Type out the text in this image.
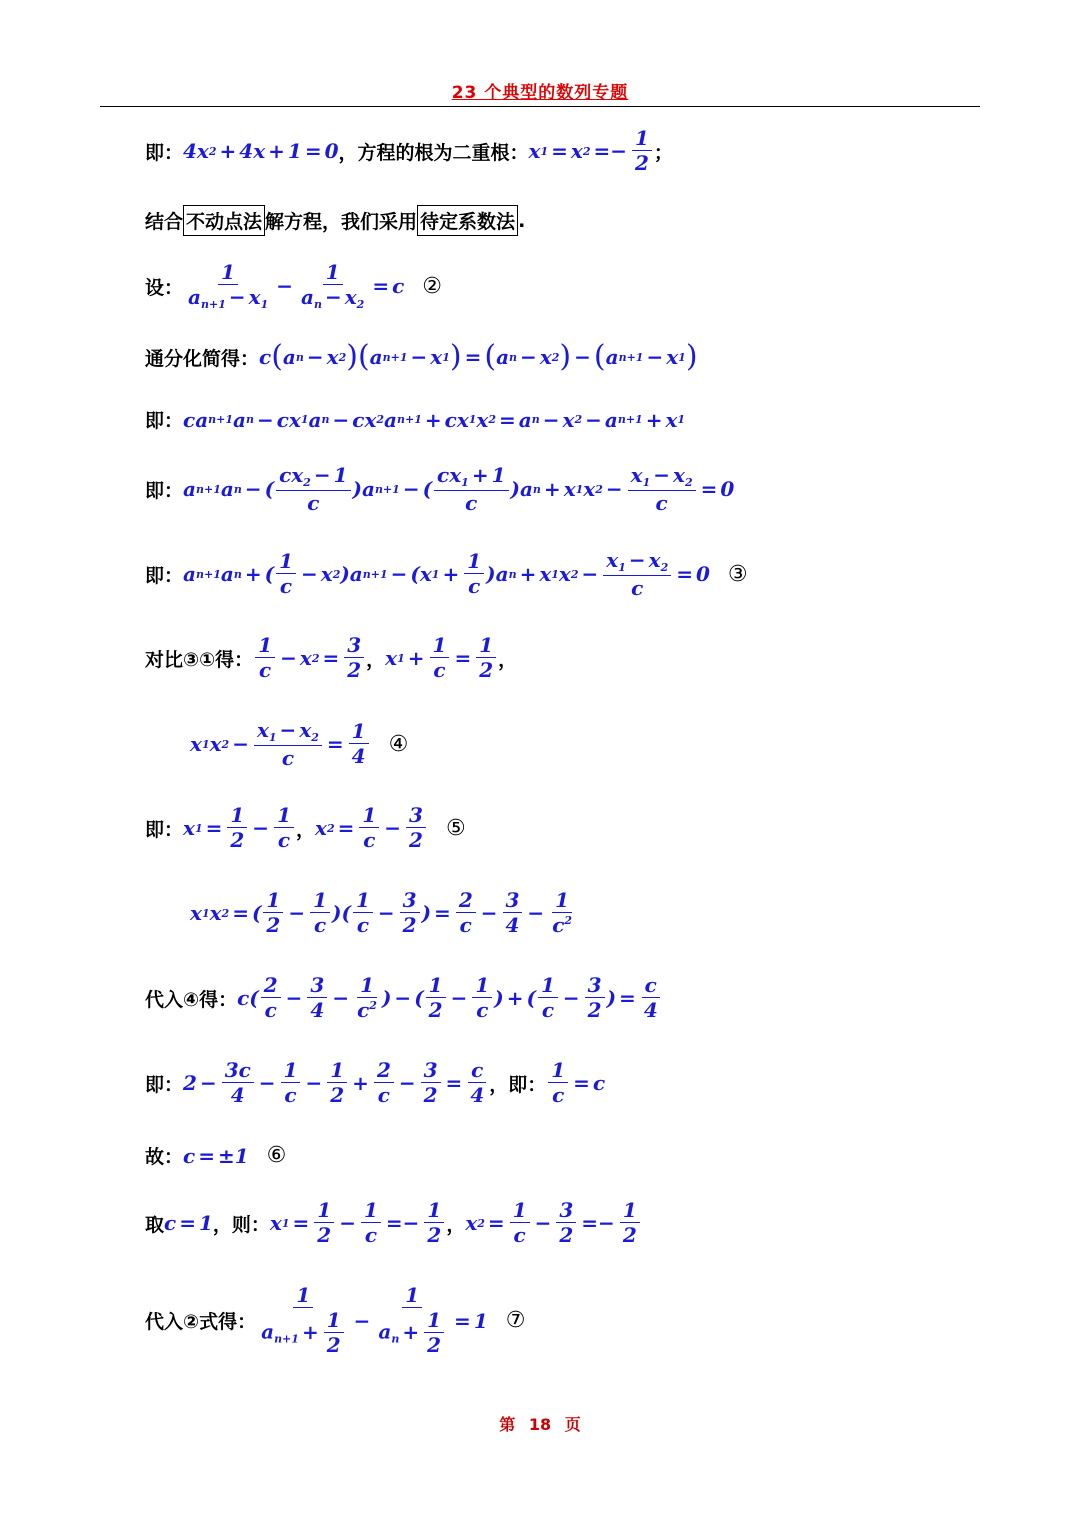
23 个典型的数列专题
即： 4x 2 + 4x + 1 = 0 ，方程的根为二重根： x 1 = x $2 =- \frac{1}{2}$ ；
结合 不动点法 解方程，我们采用 待定系数法 .
设： $\frac{1}{a_{n+1} - x_1} - \frac{1}{a_n - x_2} = c$ ②
通分化简得： c ( a n − x 2 )( a n+1 − x 1 ) = ( a n − x 2 ) − ( a n+1 − x 1 )
即： ca n+1 a n − cx 1 a n − cx 2 a n+1 + cx 1 x 2 = a n − x 2 − a n+1 + x 1
即： a n+1 a n − ( $\frac{cx_2 - 1}{c} )a$ n+1 − ( $\frac{cx_1 + 1}{c} )a$ n + x 1 x $2 - \frac{x_1 - x_2}{c} = 0$
即： a n+1 a n + ( $\frac{1}{c} - x$ 2 )a n+1 − (x $1 + \frac{1}{c} )a$ n + x 1 x $2 - \frac{x_1 - x_2}{c} = 0$ ③
对比③①得： $\frac{1}{c} - x$ $2 = \frac{3}{2}$ ， x $1 + \frac{1}{c} = \frac{1}{2}$ ，
x 1 x $2 - \frac{x_1 - x_2}{c} = \frac{1}{4}$ ④
即： x $1 = \frac{1}{2} - \frac{1}{c}$ ， x $2 = \frac{1}{c} - \frac{3}{2}$ ⑤
x 1 x 2 = ( $\frac{1}{2} - \frac{1}{c}$ )( $\frac{1}{c} - \frac{3}{2}$ ) = $\frac{2}{c} - \frac{3}{4} - \frac{1}{c^2}$
代入④得： $c( \frac{2}{c} - \frac{3}{4} - \frac{1}{c^2}$ ) − ( $\frac{1}{2} - \frac{1}{c}$ ) + ( $\frac{1}{c} - \frac{3}{2}$ ) = $\frac{c}{4}$
即： $2 - \frac{3c}{4} - \frac{1}{c} - \frac{1}{2} + \frac{2}{c} - \frac{3}{2} = \frac{c}{4}$ ，即： $\frac{1}{c} = c$
故： c = ±1 ⑥
取 c = 1 ，则： x $1 = \frac{1}{2} - \frac{1}{c} =- \frac{1}{2}$ ， x $2 = \frac{1}{c} - \frac{3}{2} =- \frac{1}{2}$
代入②式得： $\frac{1}{a_{n+1} + \frac{1}{2}} - \frac{1}{a_n + \frac{1}{2}} = 1$ ⑦
第 18 页
